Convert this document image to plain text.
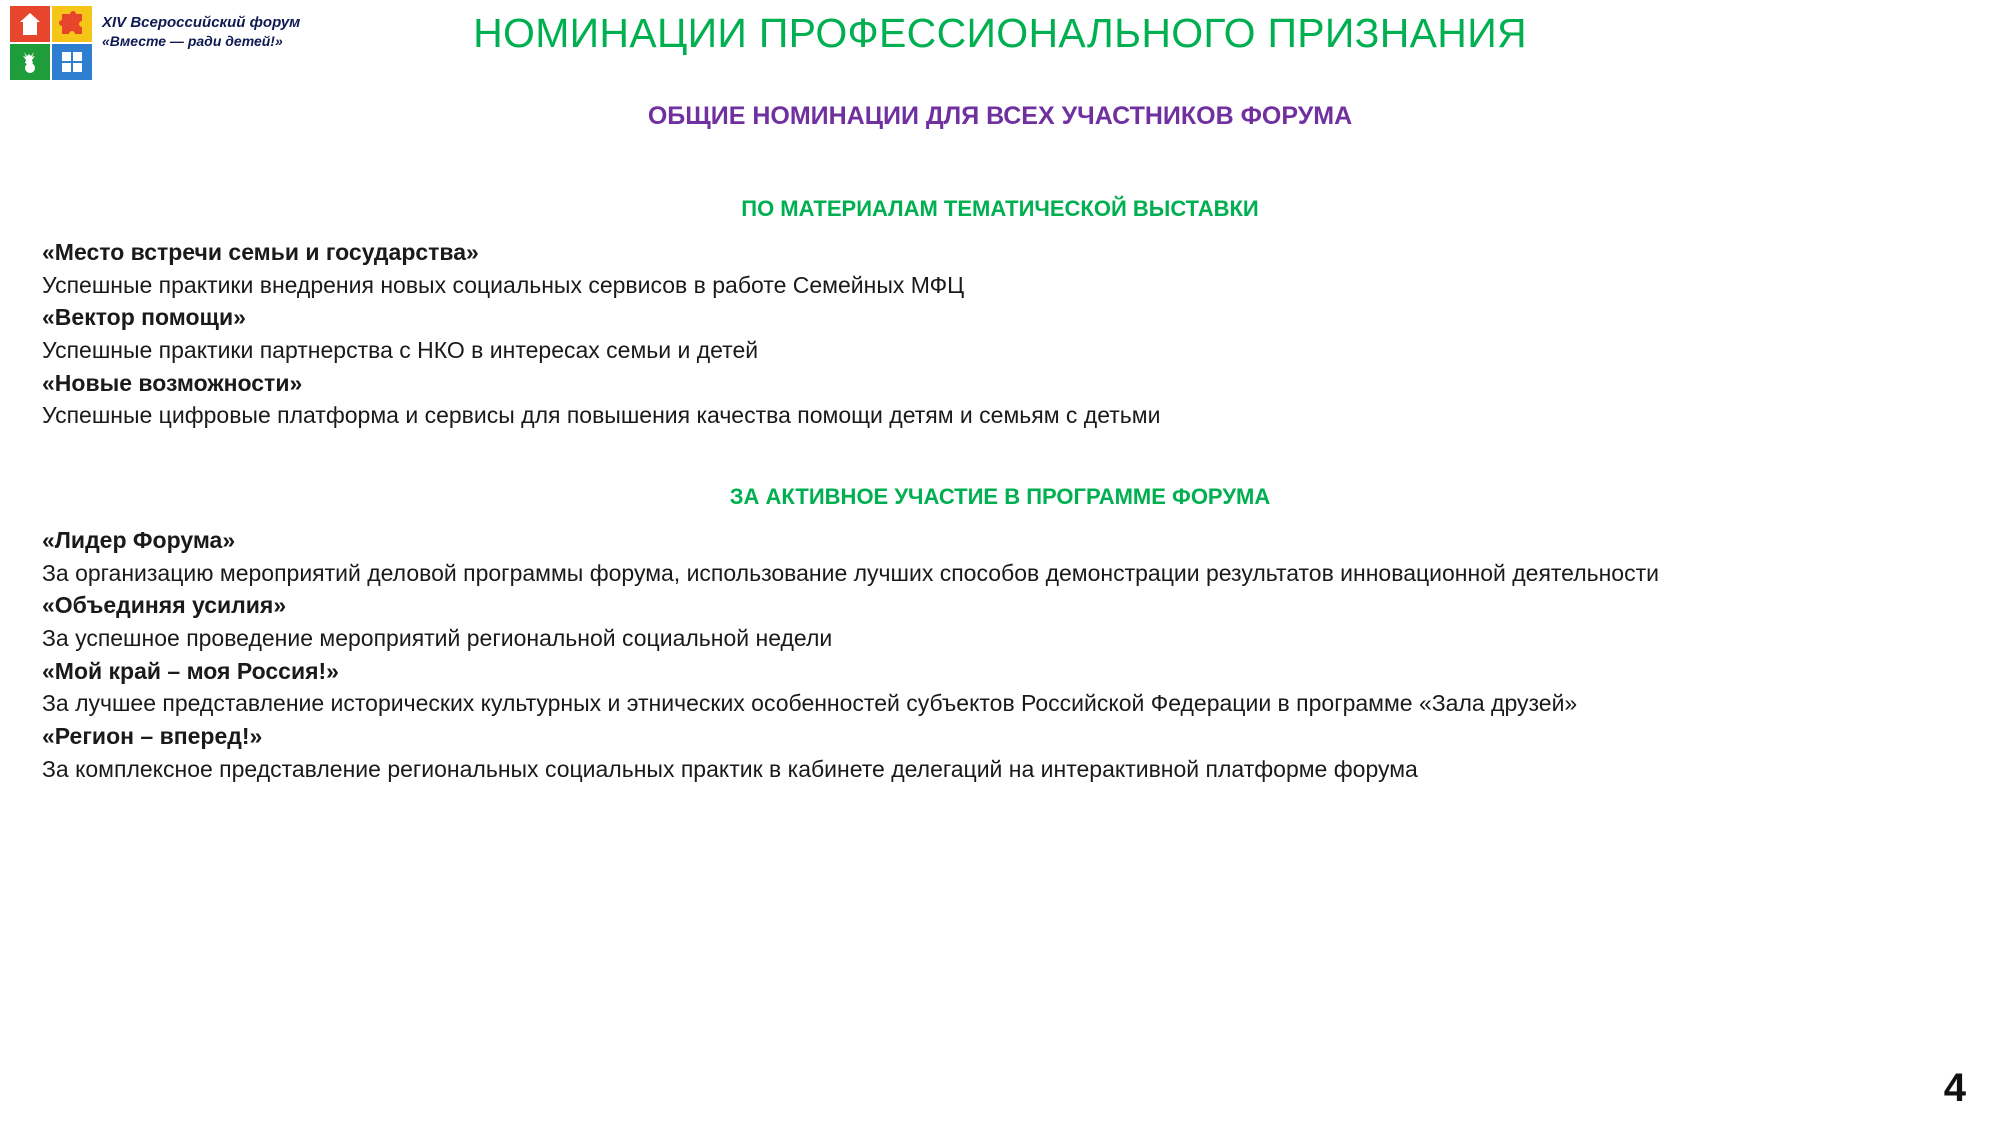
XIV Всероссийский форум
«Вместе — ради детей!»	НОМИНАЦИИ ПРОФЕССИОНАЛЬНОГО ПРИЗНАНИЯ
ОБЩИЕ НОМИНАЦИИ ДЛЯ ВСЕХ УЧАСТНИКОВ ФОРУМА
ПО МАТЕРИАЛАМ ТЕМАТИЧЕСКОЙ ВЫСТАВКИ
«Место встречи семьи и государства»
Успешные практики внедрения новых социальных сервисов в работе Семейных МФЦ
«Вектор помощи»
Успешные практики партнерства с НКО в интересах семьи и детей
«Новые возможности»
Успешные цифровые платформа и сервисы для повышения качества помощи детям и семьям с детьми
ЗА АКТИВНОЕ УЧАСТИЕ В ПРОГРАММЕ ФОРУМА
«Лидер Форума»
За организацию мероприятий деловой программы форума, использование лучших способов демонстрации результатов инновационной деятельности
«Объединяя усилия»
За успешное проведение мероприятий региональной социальной недели
«Мой край – моя Россия!»
За лучшее представление исторических культурных и этнических особенностей субъектов Российской Федерации в программе «Зала друзей»
«Регион – вперед!»
За комплексное представление региональных социальных практик в кабинете делегаций на интерактивной платформе форума
4
